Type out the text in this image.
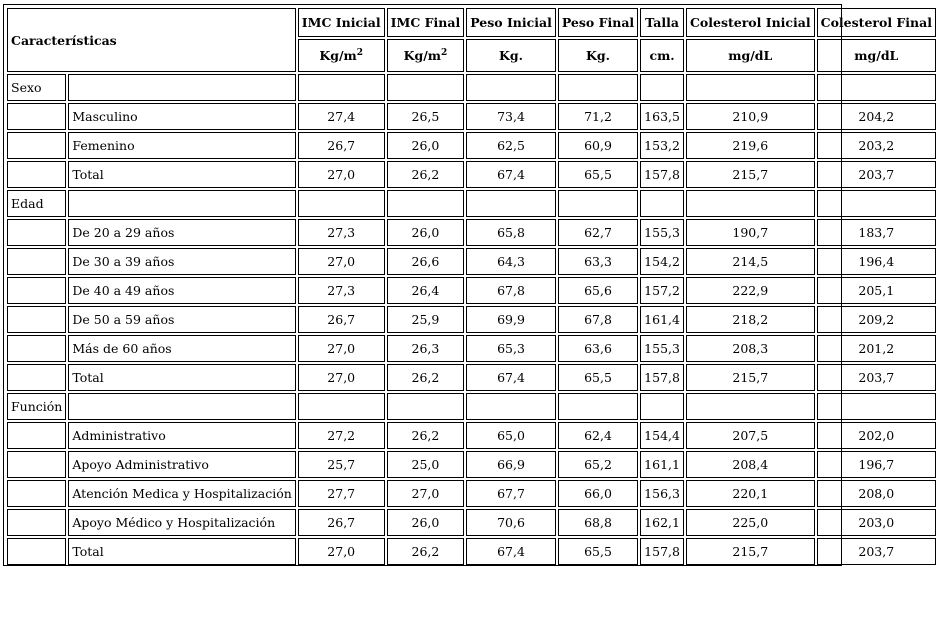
Características		IMC Inicial	IMC Final	Peso Inicial	Peso Final	Talla	Colesterol Inicial	Colesterol Final
		$Kg/m^2$	$Kg/m^2$	Kg.	Kg.	cm.	mg/dL	mg/dL
Sexo								
	Masculino	27,4	26,5	73,4	71,2	163,5	210,9	204,2
	Femenino	26,7	26,0	62,5	60,9	153,2	219,6	203,2
	Total	27,0	26,2	67,4	65,5	157,8	215,7	203,7
Edad								
	De 20 a 29 años	27,3	26,0	65,8	62,7	155,3	190,7	183,7
	De 30 a 39 años	27,0	26,6	64,3	63,3	154,2	214,5	196,4
	De 40 a 49 años	27,3	26,4	67,8	65,6	157,2	222,9	205,1
	De 50 a 59 años	26,7	25,9	69,9	67,8	161,4	218,2	209,2
	Más de 60 años	27,0	26,3	65,3	63,6	155,3	208,3	201,2
	Total	27,0	26,2	67,4	65,5	157,8	215,7	203,7
Función								
	Administrativo	27,2	26,2	65,0	62,4	154,4	207,5	202,0
	Apoyo Administrativo	25,7	25,0	66,9	65,2	161,1	208,4	196,7
	Atención Medica y Hospitalización	27,7	27,0	67,7	66,0	156,3	220,1	208,0
	Apoyo Médico y Hospitalización	26,7	26,0	70,6	68,8	162,1	225,0	203,0
	Total	27,0	26,2	67,4	65,5	157,8	215,7	203,7
